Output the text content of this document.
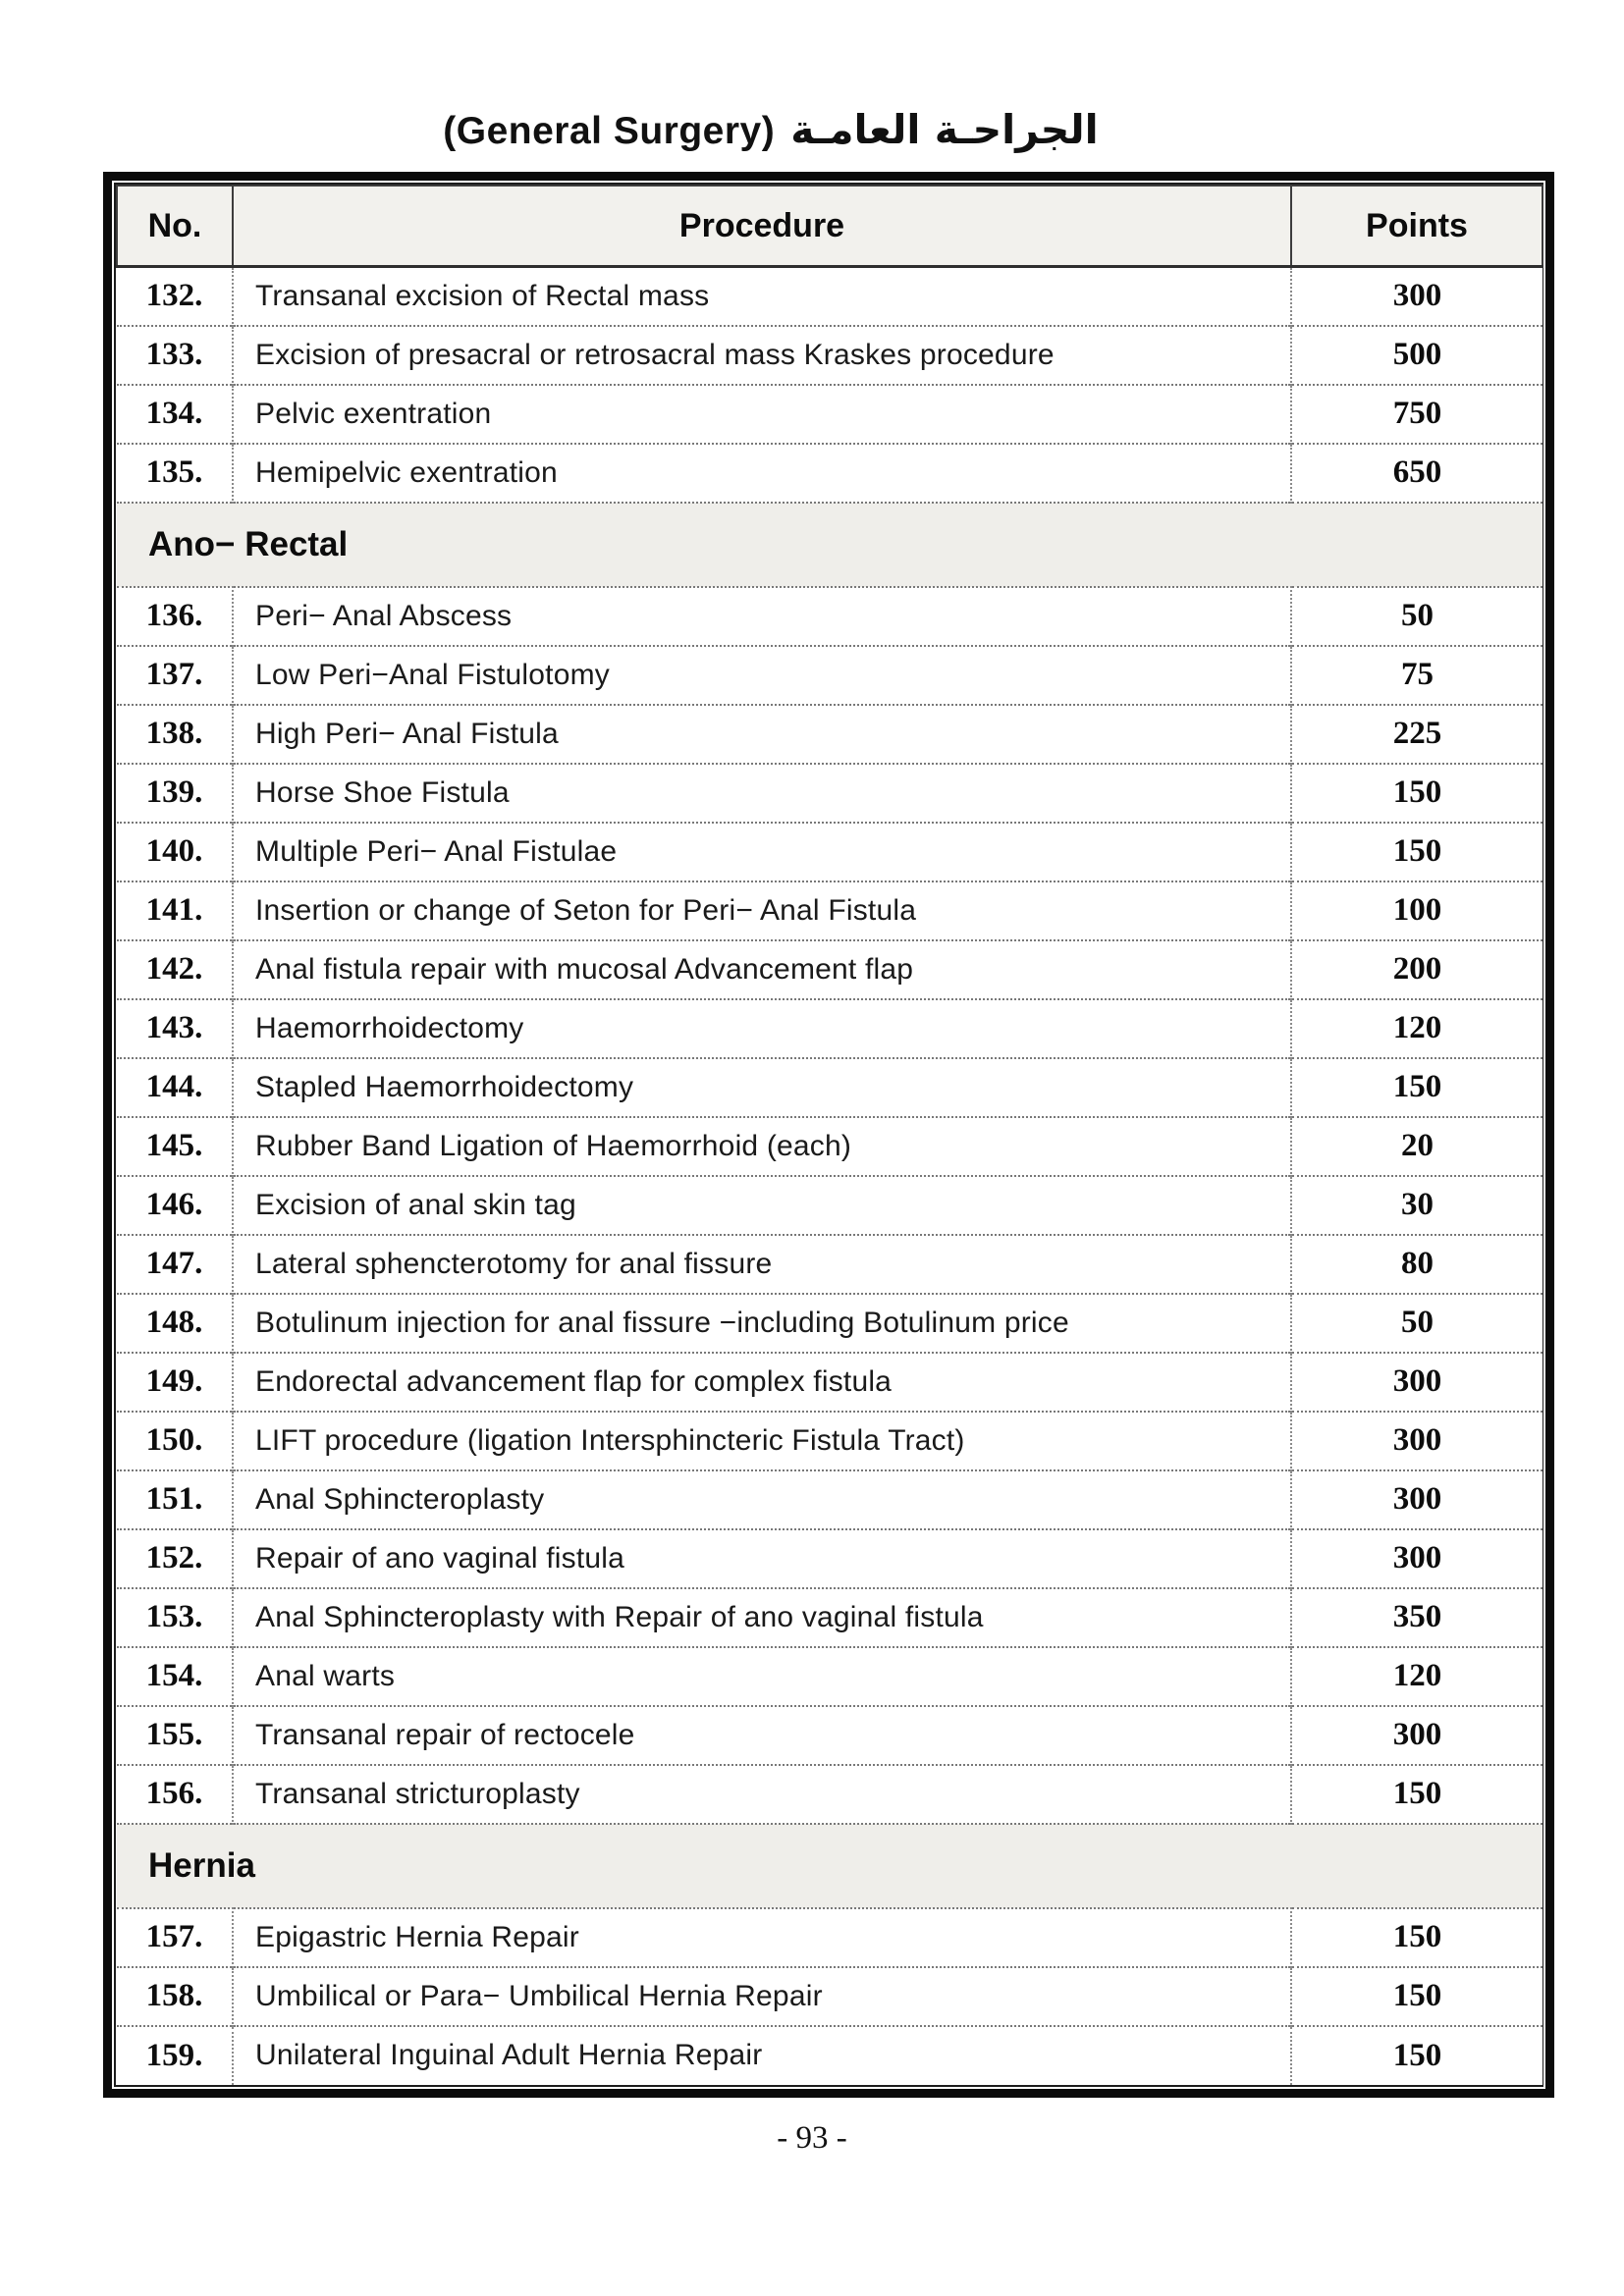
(General Surgery) الجراحـة العامـة
No.	Procedure	Points
132.	Transanal excision of Rectal mass	300
133.	Excision of presacral or retrosacral mass Kraskes procedure	500
134.	Pelvic exentration	750
135.	Hemipelvic exentration	650
Ano− Rectal		
136.	Peri− Anal Abscess	50
137.	Low Peri−Anal Fistulotomy	75
138.	High Peri− Anal Fistula	225
139.	Horse Shoe Fistula	150
140.	Multiple Peri− Anal Fistulae	150
141.	Insertion or change of Seton for Peri− Anal Fistula	100
142.	Anal fistula repair with mucosal Advancement flap	200
143.	Haemorrhoidectomy	120
144.	Stapled Haemorrhoidectomy	150
145.	Rubber Band Ligation of Haemorrhoid (each)	20
146.	Excision of anal skin tag	30
147.	Lateral sphencterotomy for anal fissure	80
148.	Botulinum injection for anal fissure −including Botulinum price	50
149.	Endorectal advancement flap for complex fistula	300
150.	LIFT procedure (ligation Intersphincteric Fistula Tract)	300
151.	Anal Sphincteroplasty	300
152.	Repair of ano vaginal fistula	300
153.	Anal Sphincteroplasty with Repair of ano vaginal fistula	350
154.	Anal warts	120
155.	Transanal repair of rectocele	300
156.	Transanal stricturoplasty	150
Hernia		
157.	Epigastric Hernia Repair	150
158.	Umbilical or Para− Umbilical Hernia Repair	150
159.	Unilateral Inguinal Adult Hernia Repair	150
- 93 -
